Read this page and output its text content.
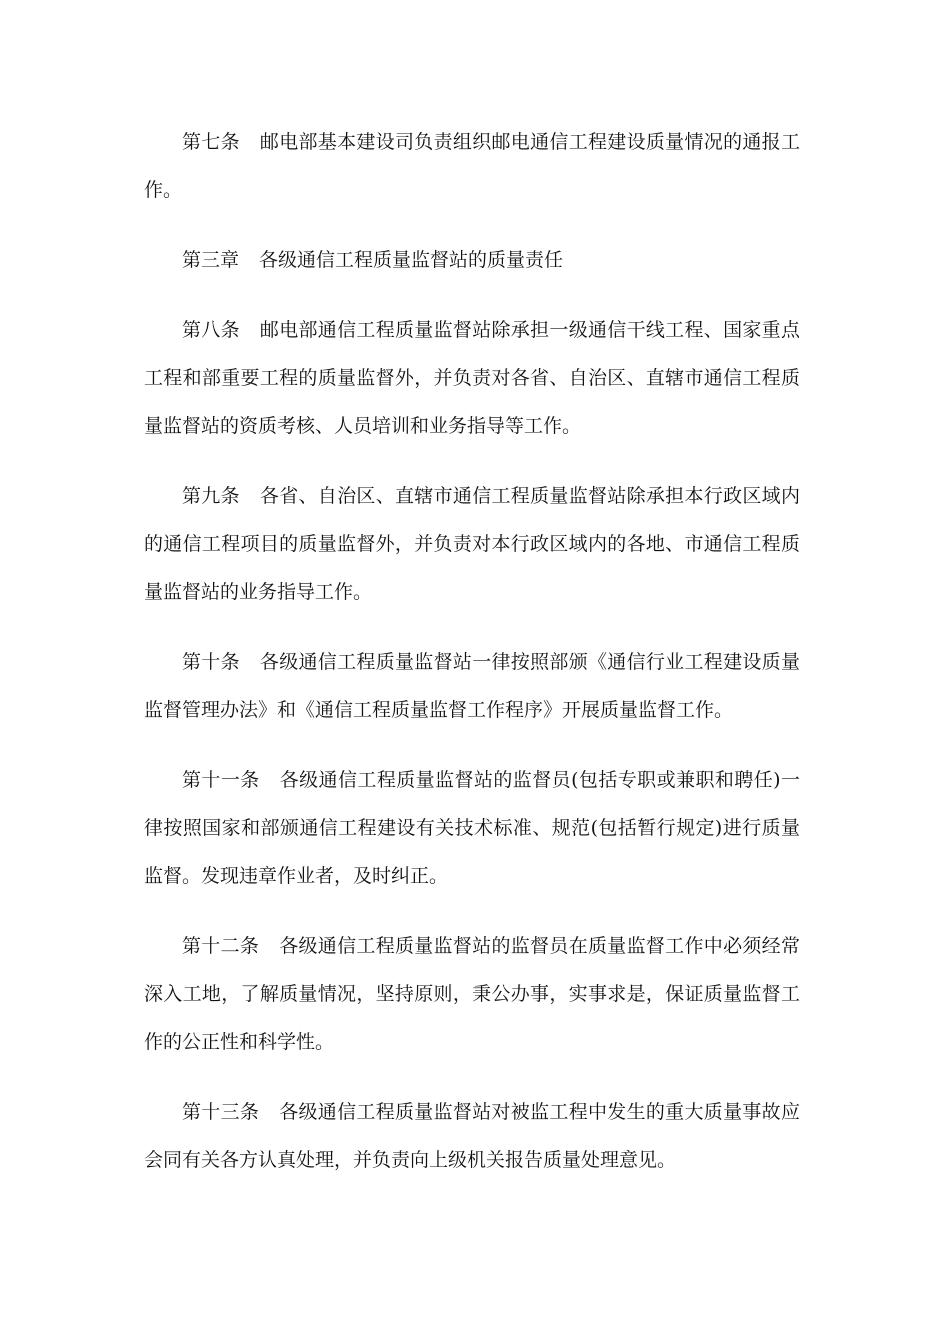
第七条 邮电部基本建设司负责组织邮电通信工程建设质量情况的通报工作。

第三章 各级通信工程质量监督站的质量责任

第八条 邮电部通信工程质量监督站除承担一级通信干线工程、国家重点工程和部重要工程的质量监督外，并负责对各省、自治区、直辖市通信工程质量监督站的资质考核、人员培训和业务指导等工作。

第九条 各省、自治区、直辖市通信工程质量监督站除承担本行政区域内的通信工程项目的质量监督外，并负责对本行政区域内的各地、市通信工程质量监督站的业务指导工作。

第十条 各级通信工程质量监督站一律按照部颁《通信行业工程建设质量监督管理办法》和《通信工程质量监督工作程序》开展质量监督工作。

第十一条 各级通信工程质量监督站的监督员(包括专职或兼职和聘任)一律按照国家和部颁通信工程建设有关技术标准、规范(包括暂行规定)进行质量监督。发现违章作业者，及时纠正。

第十二条 各级通信工程质量监督站的监督员在质量监督工作中必须经常深入工地，了解质量情况，坚持原则，秉公办事，实事求是，保证质量监督工作的公正性和科学性。

第十三条 各级通信工程质量监督站对被监工程中发生的重大质量事故应会同有关各方认真处理，并负责向上级机关报告质量处理意见。
